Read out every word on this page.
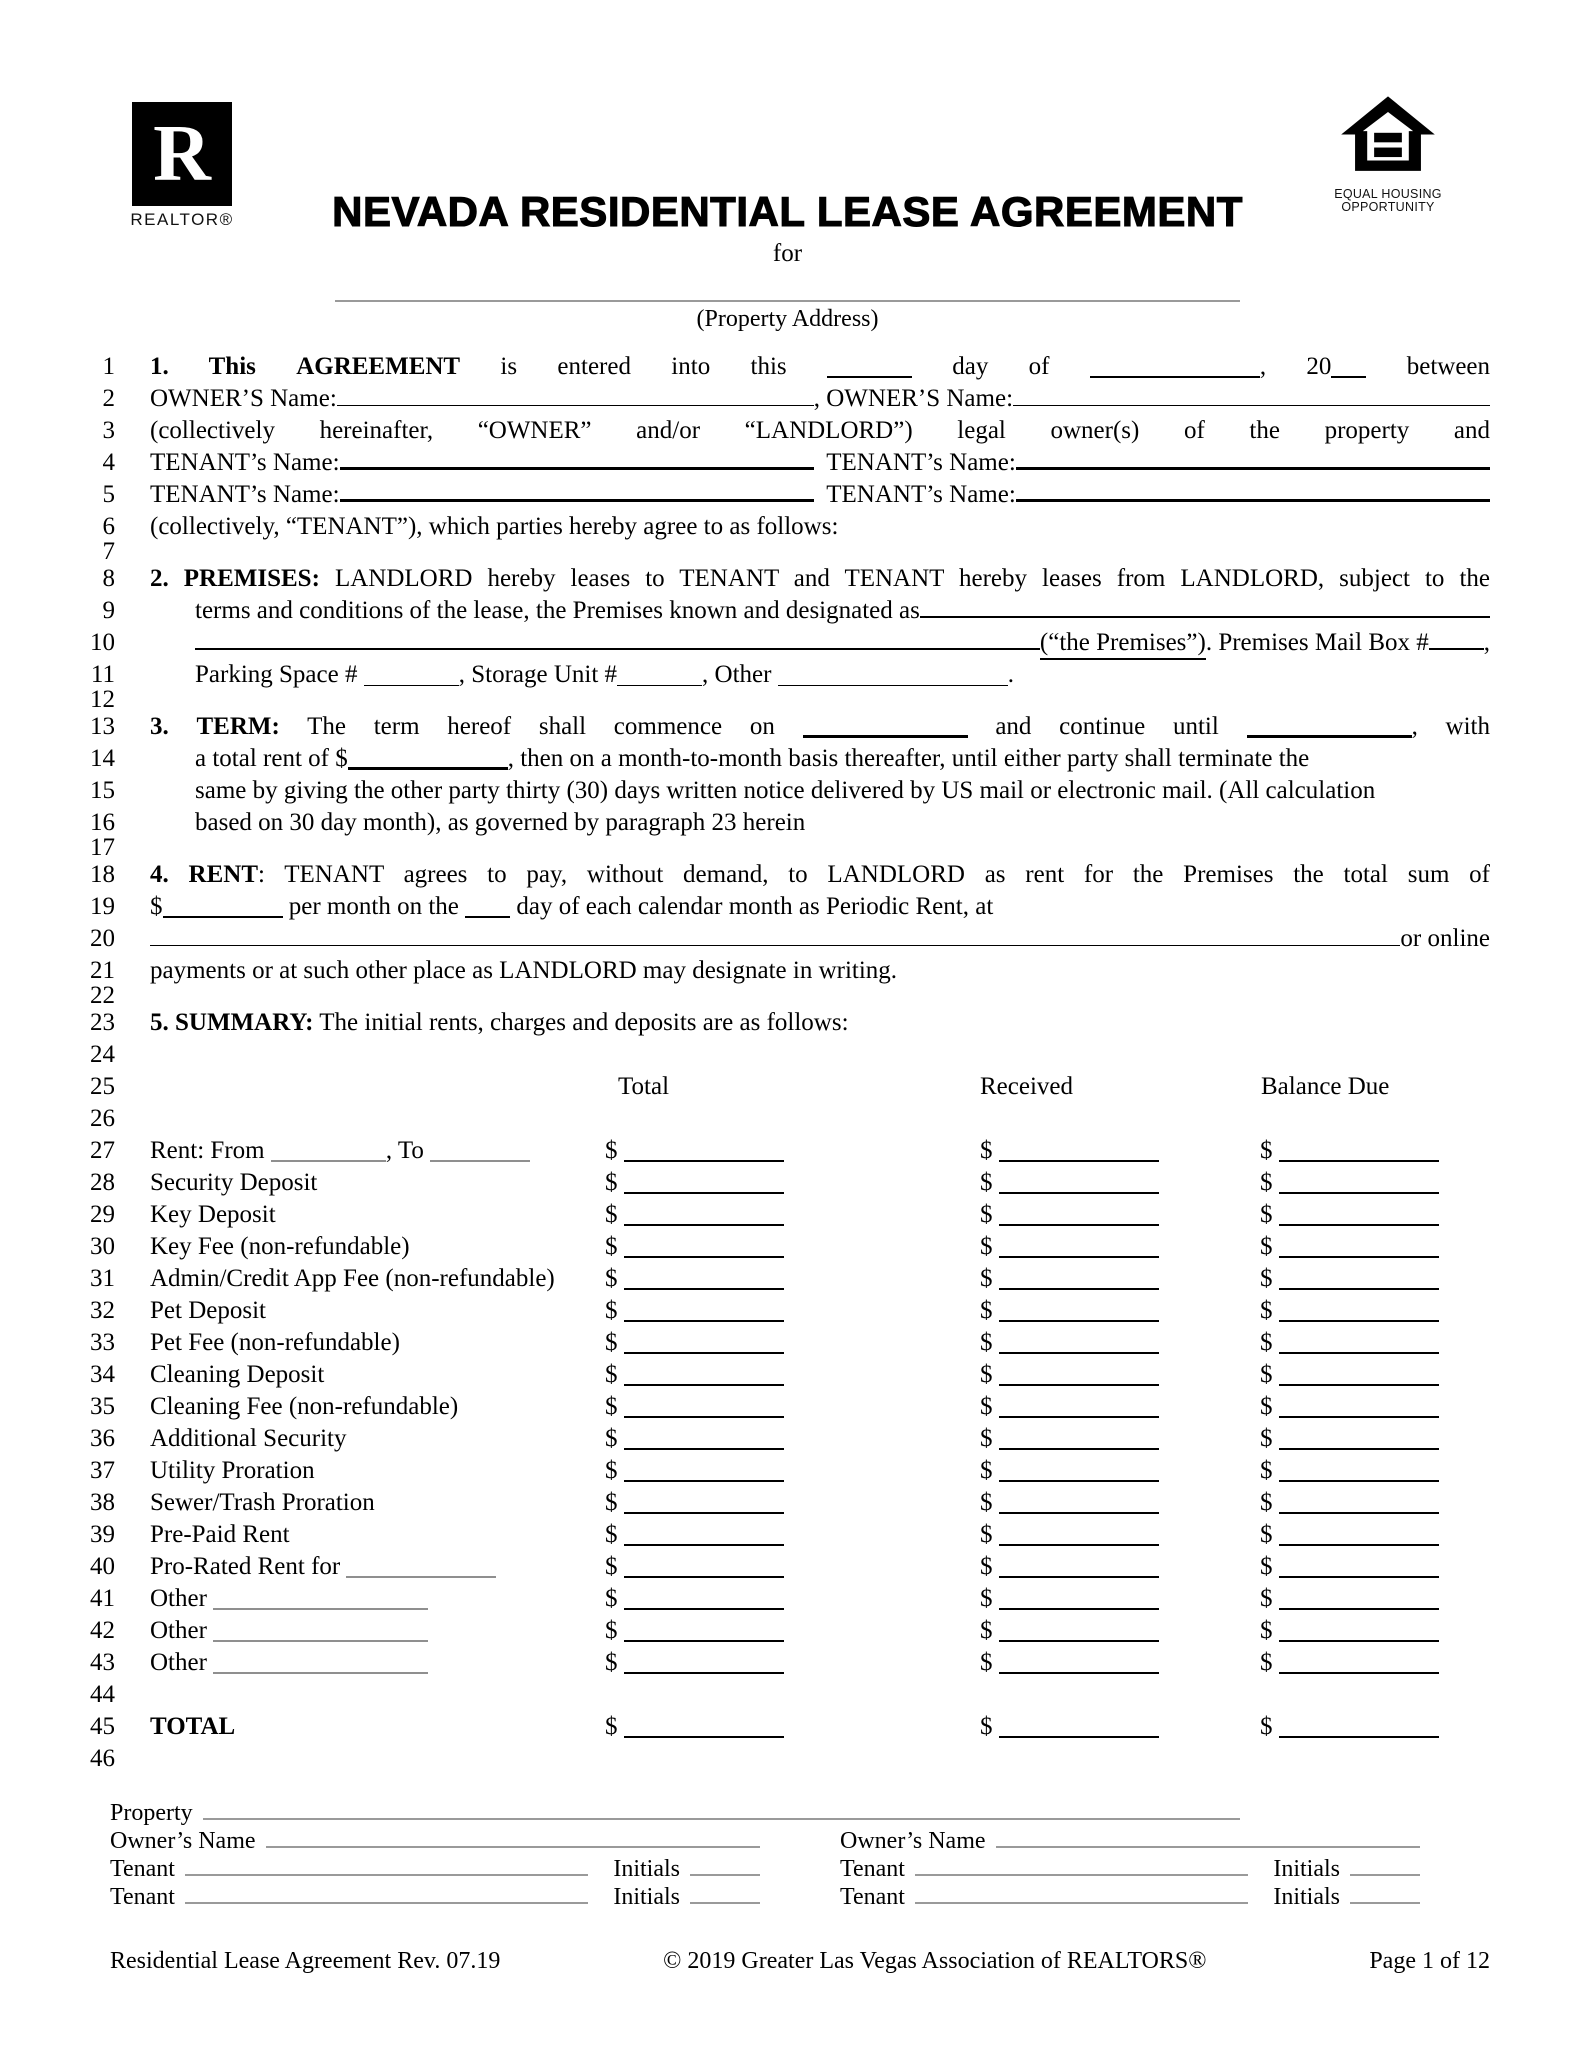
R
REALTOR®
EQUAL HOUSING
OPPORTUNITY
NEVADA RESIDENTIAL LEASE AGREEMENT
for
(Property Address)
1 1. This AGREEMENT is entered into this	day of	, 20 between
2 OWNER’S Name:	, OWNER’S Name:
3 (collectively hereinafter, “OWNER” and/or “LANDLORD”) legal owner(s) of the property and
4 TENANT’s Name:
	TENANT’s Name:
5 TENANT’s Name:
	TENANT’s Name:
6 (collectively, “TENANT”), which parties hereby agree to as follows:
7
8 2. PREMISES: LANDLORD hereby leases to TENANT and TENANT hereby leases from LANDLORD, subject to the
9	terms and conditions of the lease, the Premises known and designated as
10	(“the Premises”) . Premises Mail Box # ,
11	Parking Space #	, Storage Unit #	, Other	.
12
13 3. TERM: The term hereof shall commence on	and continue until	, with
14	a total rent of $	, then on a month-to-month basis thereafter, until either party shall terminate the
15	same by giving the other party thirty (30) days written notice delivered by US mail or electronic mail. (All calculation
16	based on 30 day month), as governed by paragraph 23 herein
17
18 4. RENT: TENANT agrees to pay, without demand, to LANDLORD as rent for the Premises the total sum of
19 $	per month on the  day of each calendar month as Periodic Rent, at
20	or online
21 payments or at such other place as LANDLORD may designate in writing.
22
23 5. SUMMARY: The initial rents, charges and deposits are as follows:
24
25	Total	Received	Balance Due
26
27 Rent: From	, To	$	$	$
28 Security Deposit	$	$	$
29 Key Deposit	$	$	$
30 Key Fee (non-refundable)	$	$	$
31 Admin/Credit App Fee (non-refundable)	$	$	$
32 Pet Deposit	$	$	$
33 Pet Fee (non-refundable)	$	$	$
34 Cleaning Deposit	$	$	$
35 Cleaning Fee (non-refundable)	$	$	$
36 Additional Security	$	$	$
37 Utility Proration	$	$	$
38 Sewer/Trash Proration	$	$	$
39 Pre-Paid Rent	$	$	$
40 Pro-Rated Rent for	$	$	$
41 Other	$	$	$
42 Other	$	$	$
43 Other	$	$	$
44
45 TOTAL	$	$	$
46
Property
Owner’s Name	Owner’s Name
Tenant	Initials	Tenant	Initials
Tenant	Initials	Tenant	Initials
Residential Lease Agreement Rev. 07.19	© 2019 Greater Las Vegas Association of REALTORS®	Page 1 of 12
